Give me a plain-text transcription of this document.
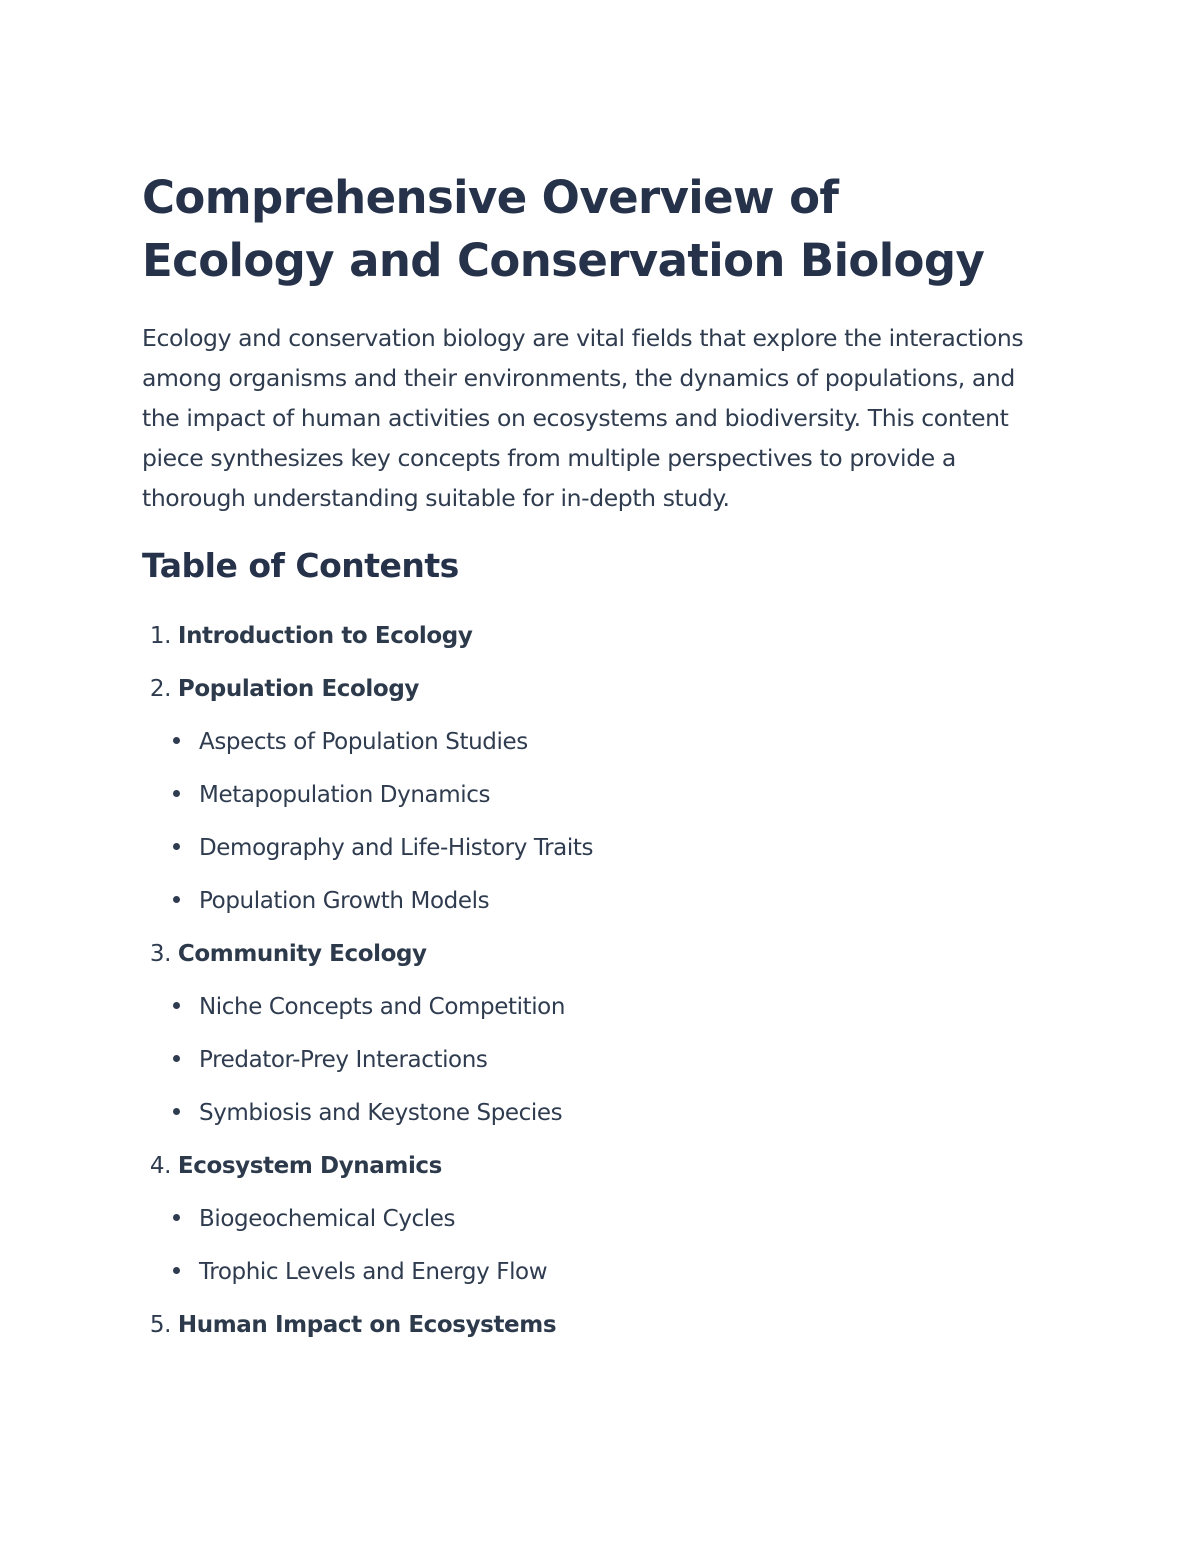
Comprehensive Overview of Ecology and Conservation Biology

Ecology and conservation biology are vital fields that explore the interactions among organisms and their environments, the dynamics of populations, and the impact of human activities on ecosystems and biodiversity. This content piece synthesizes key concepts from multiple perspectives to provide a thorough understanding suitable for in-depth study.

Table of Contents
1. Introduction to Ecology
2. Population Ecology
Aspects of Population Studies
Metapopulation Dynamics
Demography and Life-History Traits
Population Growth Models
3. Community Ecology
Niche Concepts and Competition
Predator-Prey Interactions
Symbiosis and Keystone Species
4. Ecosystem Dynamics
Biogeochemical Cycles
Trophic Levels and Energy Flow
5. Human Impact on Ecosystems
